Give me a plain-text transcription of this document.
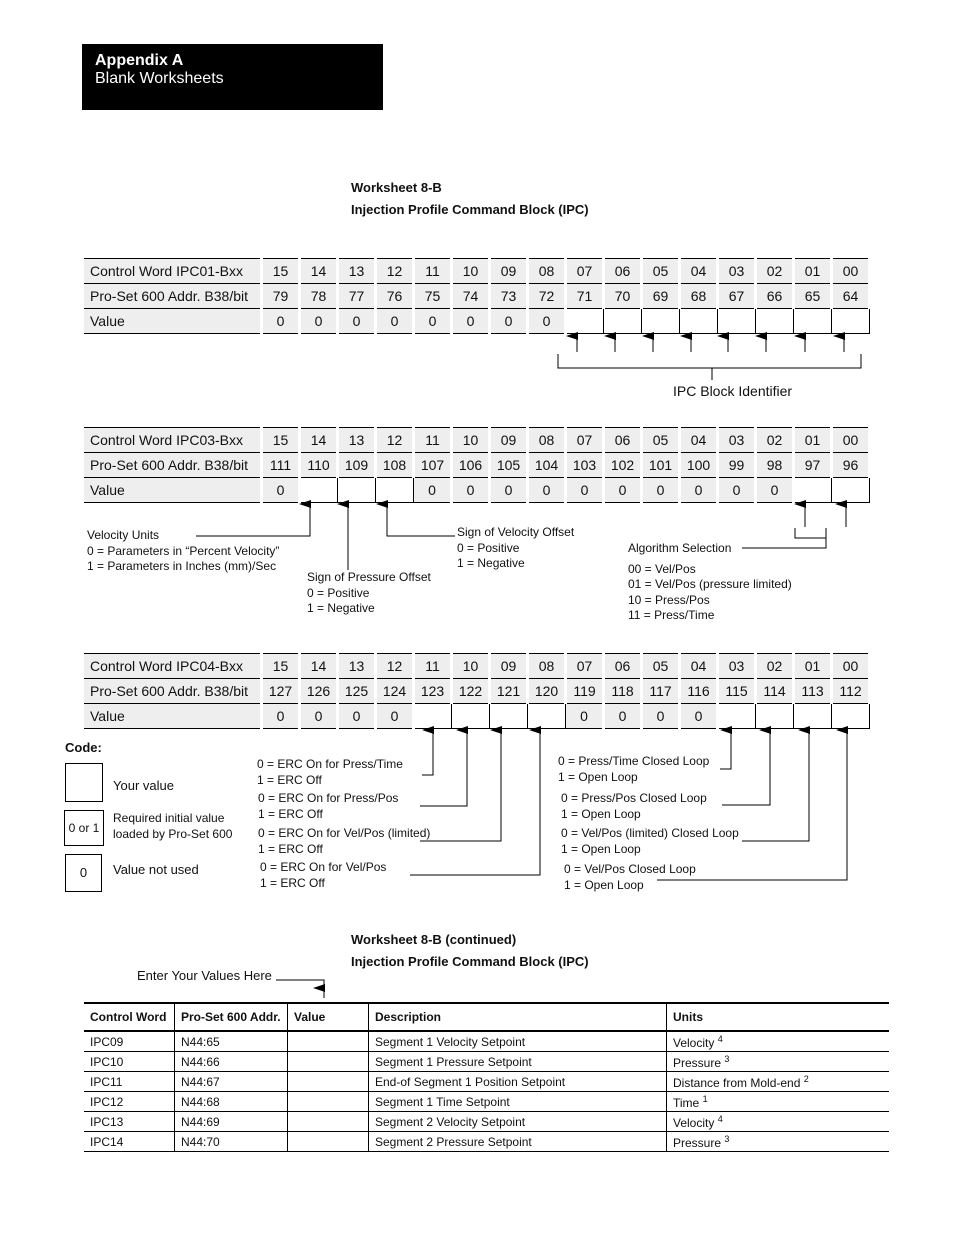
Appendix A
Blank Worksheets
Worksheet 8-B
Injection Profile Command Block (IPC)
Control Word IPC01-Bxx	15	14	13	12	11	10	09	08	07	06	05	04	03	02	01	00
Pro-Set 600 Addr. B38/bit	79	78	77	76	75	74	73	72	71	70	69	68	67	66	65	64
Value	0	0	0	0	0	0	0	0								
Control Word IPC03-Bxx	15	14	13	12	11	10	09	08	07	06	05	04	03	02	01	00
Pro-Set 600 Addr. B38/bit	111	110	109	108	107	106	105	104	103	102	101	100	99	98	97	96
Value	0				0	0	0	0	0	0	0	0	0	0		
Control Word IPC04-Bxx	15	14	13	12	11	10	09	08	07	06	05	04	03	02	01	00
Pro-Set 600 Addr. B38/bit	127	126	125	124	123	122	121	120	119	118	117	116	115	114	113	112
Value	0	0	0	0					0	0	0	0				
IPC Block Identifier
Velocity Units
0 = Parameters in “Percent Velocity”
1 = Parameters in Inches (mm)/Sec
Sign of Pressure Offset
0 = Positive
1 = Negative
Sign of Velocity Offset
0 = Positive
1 = Negative
Algorithm Selection
00 = Vel/Pos
01 = Vel/Pos (pressure limited)
10 = Press/Pos
11 = Press/Time
0 = ERC On for Press/Time
1 = ERC Off
0 = ERC On for Press/Pos
1 = ERC Off
0 = ERC On for Vel/Pos (limited)
1 = ERC Off
0 = ERC On for Vel/Pos
1 = ERC Off
0 = Press/Time Closed Loop
1 = Open Loop
0 = Press/Pos Closed Loop
1 = Open Loop
0 = Vel/Pos (limited) Closed Loop
1 = Open Loop
0 = Vel/Pos Closed Loop
1 = Open Loop
Code:
Your value
0 or 1
Required initial value
loaded by Pro-Set 600
0	Value not used
Worksheet 8-B (continued)
Injection Profile Command Block (IPC)
Enter Your Values Here
Control Word	Pro-Set 600 Addr.	Value	Description	Units
IPC09	N44:65		Segment 1 Velocity Setpoint	Velocity $^4$
IPC10	N44:66		Segment 1 Pressure Setpoint	Pressure $^3$
IPC11	N44:67		End-of Segment 1 Position Setpoint	Distance from Mold-end $^2$
IPC12	N44:68		Segment 1 Time Setpoint	Time $^1$
IPC13	N44:69		Segment 2 Velocity Setpoint	Velocity $^4$
IPC14	N44:70		Segment 2 Pressure Setpoint	Pressure $^3$
